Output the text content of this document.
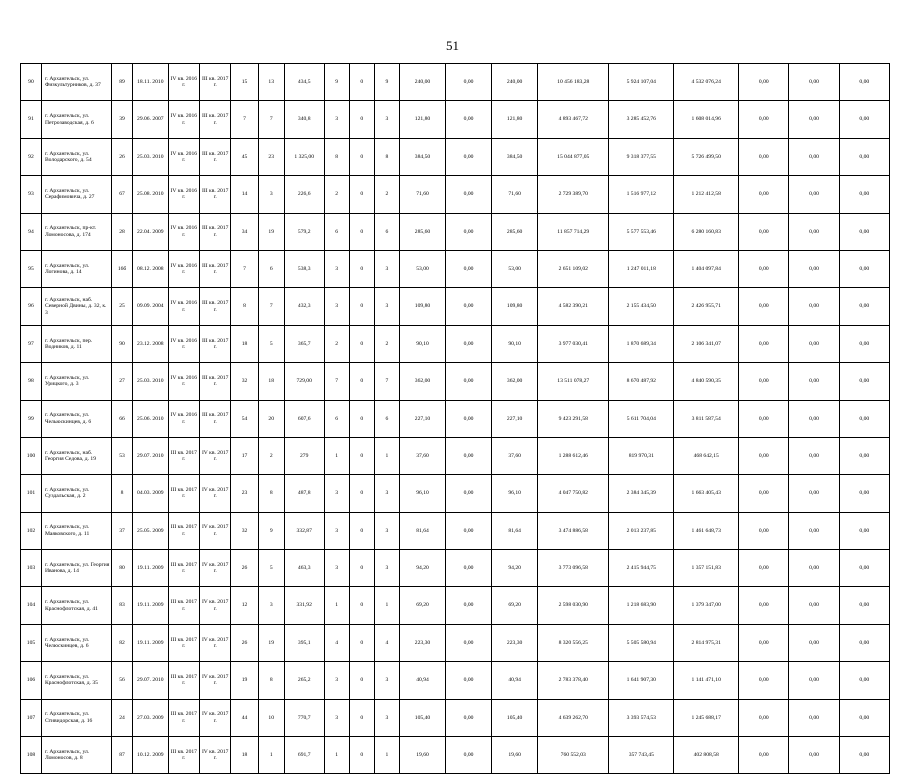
51
90	г. Архангельск, ул. Физкультурников, д. 37	89	18.11. 2010	IV кв. 2016 г.	III кв. 2017 г.	15	13	434,5	9	0	9	240,00	0,00	240,00	10 456 183,28	5 924 107,04	4 532 076,24	0,00	0,00	0,00
91	г. Архангельск, ул. Петрозаводская, д. 6	39	29.06. 2007	IV кв. 2016 г.	III кв. 2017 г.	7	7	340,8	3	0	3	121,80	0,00	121,80	4 893 467,72	3 285 452,76	1 608 014,96	0,00	0,00	0,00
92	г. Архангельск, ул. Володарского, д. 54	26	25.03. 2010	IV кв. 2016 г.	III кв. 2017 г.	45	23	1 325,00	8	0	8	384,50	0,00	384,50	15 044 877,05	9 318 377,55	5 726 499,50	0,00	0,00	0,00
93	г. Архангельск, ул. Серафимовича, д. 27	67	25.08. 2010	IV кв. 2016 г.	III кв. 2017 г.	14	3	226,6	2	0	2	71,60	0,00	71,60	2 729 389,70	1 516 977,12	1 212 412,58	0,00	0,00	0,00
94	г. Архангельск, пр-кт. Ломоносова, д. 174	28	22.04. 2009	IV кв. 2016 г.	III кв. 2017 г.	34	19	579,2	6	0	6	285,60	0,00	285,60	11 857 714,29	5 577 553,46	6 280 160,83	0,00	0,00	0,00
95	г. Архангельск, ул. Логинова, д. 14	16б	08.12. 2008	IV кв. 2016 г.	III кв. 2017 г.	7	6	538,3	3	0	3	53,00	0,00	53,00	2 651 109,02	1 247 011,18	1 404 097,84	0,00	0,00	0,00
96	г. Архангельск, наб. Северной Двины, д. 32, к. 3	25	09.09. 2004	IV кв. 2016 г.	III кв. 2017 г.	8	7	432,3	3	0	3	109,80	0,00	109,80	4 582 390,21	2 155 434,50	2 426 955,71	0,00	0,00	0,00
97	г. Архангельск, пер. Водников, д. 11	90	23.12. 2008	IV кв. 2016 г.	III кв. 2017 г.	18	5	365,7	2	0	2	90,10	0,00	90,10	3 977 030,41	1 870 689,34	2 106 341,07	0,00	0,00	0,00
98	г. Архангельск, ул. Урицкого, д. 3	27	25.03. 2010	IV кв. 2016 г.	III кв. 2017 г.	32	18	729,00	7	0	7	362,00	0,00	362,00	13 511 078,27	8 670 487,92	4 840 590,35	0,00	0,00	0,00
99	г. Архангельск, ул. Чельюскинцев, д. 6	66	25.06. 2010	IV кв. 2016 г.	III кв. 2017 г.	54	20	607,6	6	0	6	227,10	0,00	227,10	9 423 291,58	5 611 704,04	3 811 587,54	0,00	0,00	0,00
100	г. Архангельск, наб. Георгия Седова, д. 19	53	29.07. 2010	III кв. 2017 г.	IV кв. 2017 г.	17	2	279	1	0	1	37,60	0,00	37,60	1 288 612,46	819 970,31	468 642,15	0,00	0,00	0,00
101	г. Архангельск, ул. Суздальская, д. 2	8	04.03. 2009	III кв. 2017 г.	IV кв. 2017 г.	23	8	487,8	3	0	3	96,10	0,00	96,10	4 047 750,82	2 384 345,39	1 663 405,43	0,00	0,00	0,00
102	г. Архангельск, ул. Маяковского, д. 11	37	25.05. 2009	III кв. 2017 г.	IV кв. 2017 г.	32	9	332,87	3	0	3	81,64	0,00	81,64	3 474 886,58	2 013 237,85	1 461 648,73	0,00	0,00	0,00
103	г. Архангельск, ул. Георгия Иванова, д. 14	80	19.11. 2009	III кв. 2017 г.	IV кв. 2017 г.	26	5	463,3	3	0	3	94,20	0,00	94,20	3 773 096,58	2 415 944,75	1 357 151,83	0,00	0,00	0,00
104	г. Архангельск, ул. Краснофлотская, д. 41	83	19.11. 2009	III кв. 2017 г.	IV кв. 2017 г.	12	3	331,92	1	0	1	69,20	0,00	69,20	2 598 030,90	1 218 683,90	1 379 347,00	0,00	0,00	0,00
105	г. Архангельск, ул. Челюскинцев, д. 6	82	19.11. 2009	III кв. 2017 г.	IV кв. 2017 г.	26	19	395,1	4	0	4	223,30	0,00	223,30	8 320 556,25	5 505 580,94	2 814 975,31	0,00	0,00	0,00
106	г. Архангельск, ул. Краснофлотская, д. 35	56	29.07. 2010	III кв. 2017 г.	IV кв. 2017 г.	19	8	265,2	3	0	3	40,94	0,00	40,94	2 783 378,40	1 641 907,30	1 141 471,10	0,00	0,00	0,00
107	г. Архангельск, ул. Стивидорская, д. 16	24	27.03. 2009	III кв. 2017 г.	IV кв. 2017 г.	44	10	770,7	3	0	3	105,40	0,00	105,40	4 639 262,70	3 393 574,53	1 245 688,17	0,00	0,00	0,00
108	г. Архангельск, ул. Ломоносов, д. 8	87	10.12. 2009	III кв. 2017 г.	IV кв. 2017 г.	18	1	691,7	1	0	1	19,60	0,00	19,60	760 552,03	357 743,45	402 808,58	0,00	0,00	0,00
